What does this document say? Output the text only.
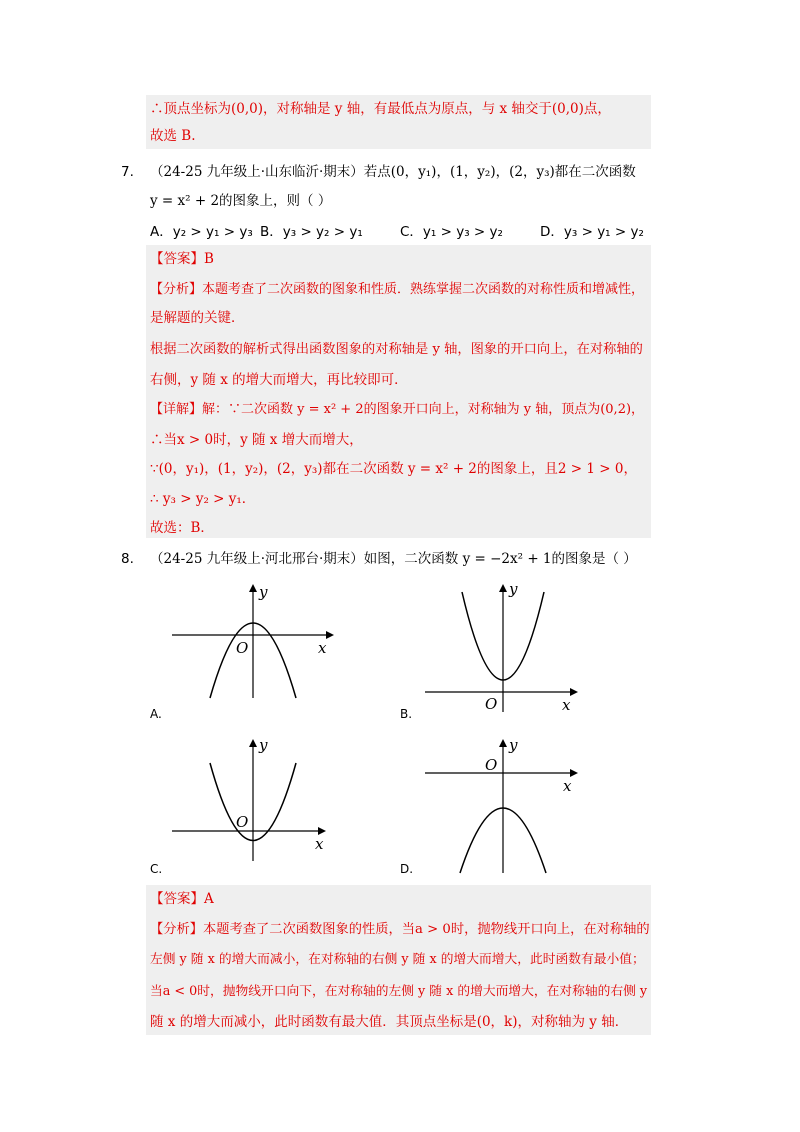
∴顶点坐标为(0,0)，对称轴是 y 轴，有最低点为原点，与 x 轴交于(0,0)点，
故选 B.
7. （24-25 九年级上·山东临沂·期末）若点(0，y₁)，(1，y₂)，(2，y₃)都在二次函数
y = x² + 2的图象上，则（ ）
A．y₂ > y₁ > y₃ B．y₃ > y₂ > y₁	C．y₁ > y₃ > y₂	D．y₃ > y₁ > y₂
【答案】B
【分析】本题考查了二次函数的图象和性质．熟练掌握二次函数的对称性质和增减性，
是解题的关键．
根据二次函数的解析式得出函数图象的对称轴是 y 轴，图象的开口向上，在对称轴的
右侧，y 随 x 的增大而增大，再比较即可．
【详解】解：∵二次函数 y = x² + 2的图象开口向上，对称轴为 y 轴，顶点为(0,2)，
∴当x > 0时，y 随 x 增大而增大，
∵(0，y₁)，(1，y₂)，(2，y₃)都在二次函数 y = x² + 2的图象上，且2 > 1 > 0，
∴ y₃ > y₂ > y₁．
故选：B．
8. （24-25 九年级上·河北邢台·期末）如图，二次函数 y = −2x² + 1的图象是（ ）
y
x
O
A.
y
x
O
B.
y
x
O
C.
y
x
O
D.
【答案】A
【分析】本题考查了二次函数图象的性质，当a > 0时，抛物线开口向上，在对称轴的
左侧 y 随 x 的增大而减小，在对称轴的右侧 y 随 x 的增大而增大，此时函数有最小值；
当a < 0时，抛物线开口向下，在对称轴的左侧 y 随 x 的增大而增大，在对称轴的右侧 y
随 x 的增大而减小，此时函数有最大值．其顶点坐标是(0，k)，对称轴为 y 轴．
